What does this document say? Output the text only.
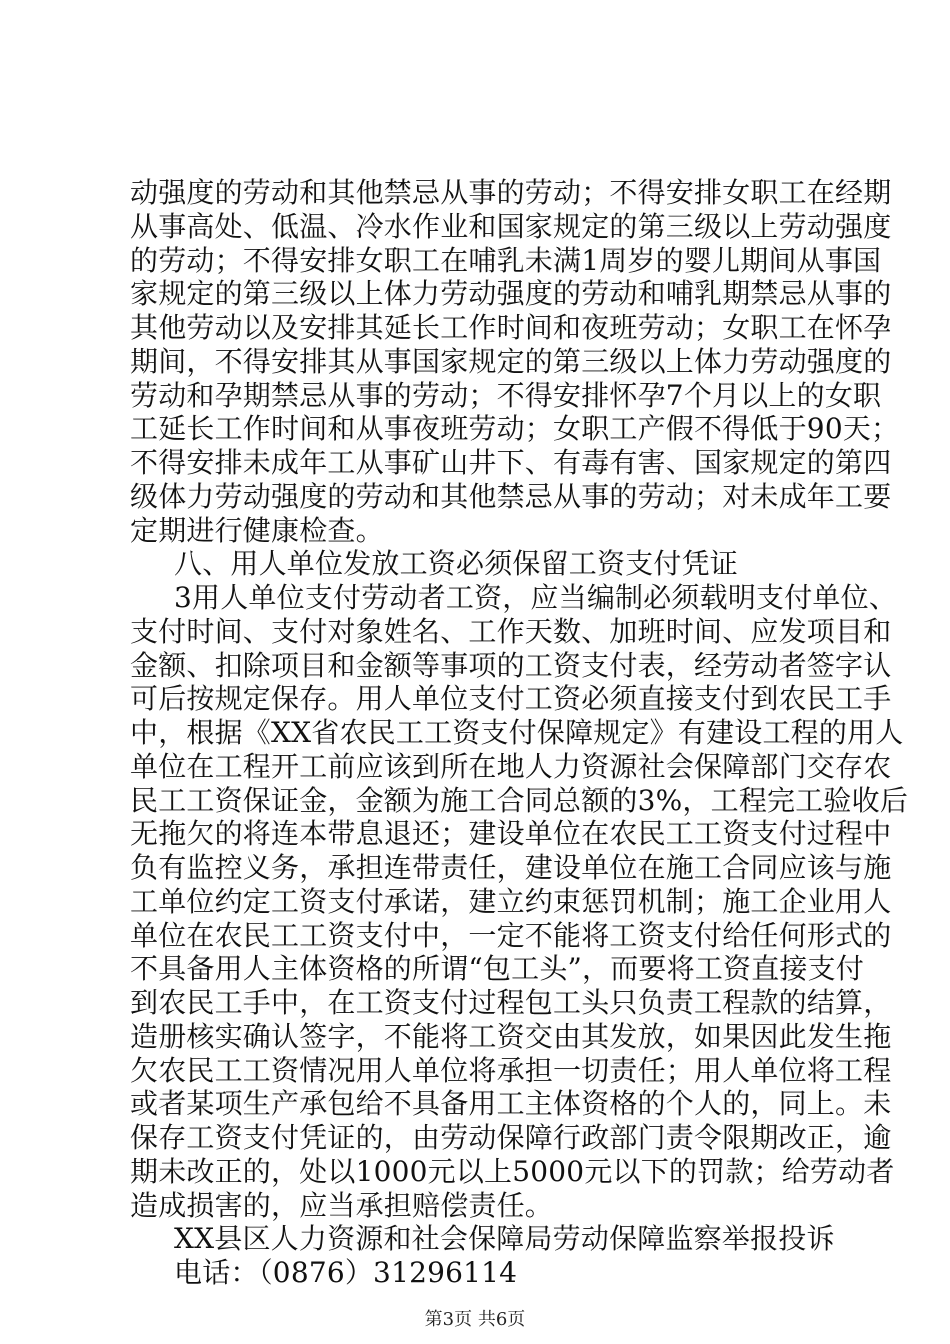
动强度的劳动和其他禁忌从事的劳动；不得安排女职工在经期
从事高处、低温、冷水作业和国家规定的第三级以上劳动强度
的劳动；不得安排女职工在哺乳未满1周岁的婴儿期间从事国
家规定的第三级以上体力劳动强度的劳动和哺乳期禁忌从事的
其他劳动以及安排其延长工作时间和夜班劳动；女职工在怀孕
期间，不得安排其从事国家规定的第三级以上体力劳动强度的
劳动和孕期禁忌从事的劳动；不得安排怀孕7个月以上的女职
工延长工作时间和从事夜班劳动；女职工产假不得低于90天；
不得安排未成年工从事矿山井下、有毒有害、国家规定的第四
级体力劳动强度的劳动和其他禁忌从事的劳动；对未成年工要
定期进行健康检查。
八、用人单位发放工资必须保留工资支付凭证
3用人单位支付劳动者工资，应当编制必须载明支付单位、
支付时间、支付对象姓名、工作天数、加班时间、应发项目和
金额、扣除项目和金额等事项的工资支付表，经劳动者签字认
可后按规定保存。用人单位支付工资必须直接支付到农民工手
中，根据《XX省农民工工资支付保障规定》有建设工程的用人
单位在工程开工前应该到所在地人力资源社会保障部门交存农
民工工资保证金，金额为施工合同总额的3%，工程完工验收后
无拖欠的将连本带息退还；建设单位在农民工工资支付过程中
负有监控义务，承担连带责任，建设单位在施工合同应该与施
工单位约定工资支付承诺，建立约束惩罚机制；施工企业用人
单位在农民工工资支付中，一定不能将工资支付给任何形式的
不具备用人主体资格的所谓“包工头”，而要将工资直接支付
到农民工手中，在工资支付过程包工头只负责工程款的结算，
造册核实确认签字，不能将工资交由其发放，如果因此发生拖
欠农民工工资情况用人单位将承担一切责任；用人单位将工程
或者某项生产承包给不具备用工主体资格的个人的，同上。未
保存工资支付凭证的，由劳动保障行政部门责令限期改正，逾
期未改正的，处以1000元以上5000元以下的罚款；给劳动者
造成损害的，应当承担赔偿责任。
XX县区人力资源和社会保障局劳动保障监察举报投诉
电话：（0876）31296114
第3页 共6页
